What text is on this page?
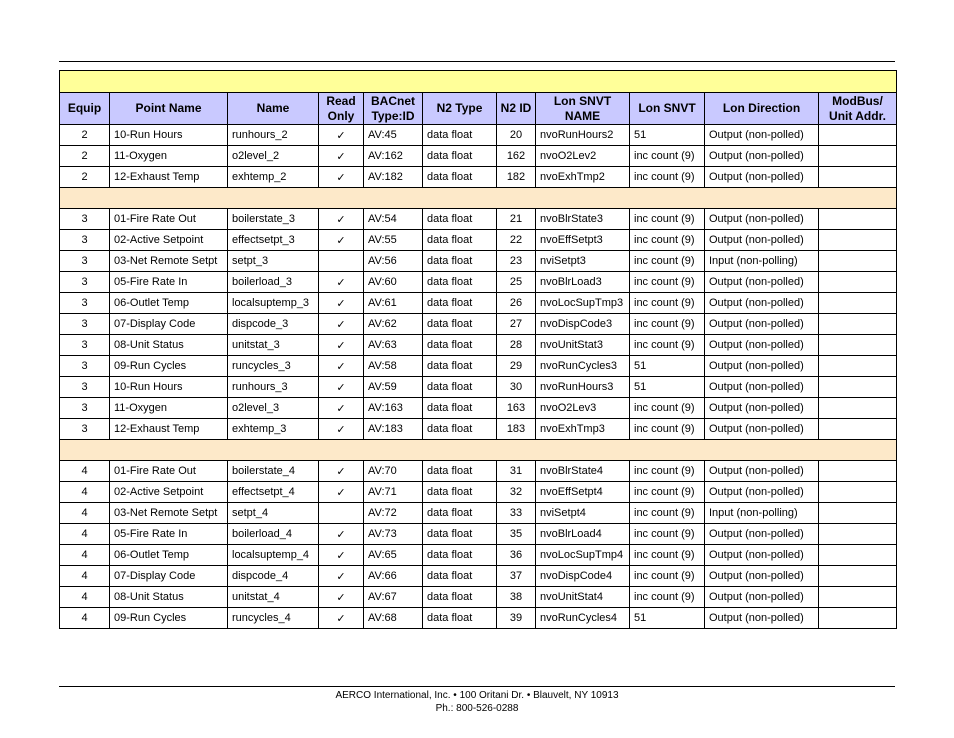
Equip	Point Name	Name	Read Only	BACnet Type:ID	N2 Type	N2 ID	Lon SNVT NAME	Lon SNVT	Lon Direction	ModBus/ Unit Addr.
2	10-Run Hours	runhours_2	✓	AV:45	data float	20	nvoRunHours2	51	Output (non-polled)	
2	11-Oxygen	o2level_2	✓	AV:162	data float	162	nvoO2Lev2	inc count (9)	Output (non-polled)	
2	12-Exhaust Temp	exhtemp_2	✓	AV:182	data float	182	nvoExhTmp2	inc count (9)	Output (non-polled)	

3	01-Fire Rate Out	boilerstate_3	✓	AV:54	data float	21	nvoBlrState3	inc count (9)	Output (non-polled)	
3	02-Active Setpoint	effectsetpt_3	✓	AV:55	data float	22	nvoEffSetpt3	inc count (9)	Output (non-polled)	
3	03-Net Remote Setpt	setpt_3		AV:56	data float	23	nviSetpt3	inc count (9)	Input (non-polling)	
3	05-Fire Rate In	boilerload_3	✓	AV:60	data float	25	nvoBlrLoad3	inc count (9)	Output (non-polled)	
3	06-Outlet Temp	localsuptemp_3	✓	AV:61	data float	26	nvoLocSupTmp3	inc count (9)	Output (non-polled)	
3	07-Display Code	dispcode_3	✓	AV:62	data float	27	nvoDispCode3	inc count (9)	Output (non-polled)	
3	08-Unit Status	unitstat_3	✓	AV:63	data float	28	nvoUnitStat3	inc count (9)	Output (non-polled)	
3	09-Run Cycles	runcycles_3	✓	AV:58	data float	29	nvoRunCycles3	51	Output (non-polled)	
3	10-Run Hours	runhours_3	✓	AV:59	data float	30	nvoRunHours3	51	Output (non-polled)	
3	11-Oxygen	o2level_3	✓	AV:163	data float	163	nvoO2Lev3	inc count (9)	Output (non-polled)	
3	12-Exhaust Temp	exhtemp_3	✓	AV:183	data float	183	nvoExhTmp3	inc count (9)	Output (non-polled)	

4	01-Fire Rate Out	boilerstate_4	✓	AV:70	data float	31	nvoBlrState4	inc count (9)	Output (non-polled)	
4	02-Active Setpoint	effectsetpt_4	✓	AV:71	data float	32	nvoEffSetpt4	inc count (9)	Output (non-polled)	
4	03-Net Remote Setpt	setpt_4		AV:72	data float	33	nviSetpt4	inc count (9)	Input (non-polling)	
4	05-Fire Rate In	boilerload_4	✓	AV:73	data float	35	nvoBlrLoad4	inc count (9)	Output (non-polled)	
4	06-Outlet Temp	localsuptemp_4	✓	AV:65	data float	36	nvoLocSupTmp4	inc count (9)	Output (non-polled)	
4	07-Display Code	dispcode_4	✓	AV:66	data float	37	nvoDispCode4	inc count (9)	Output (non-polled)	
4	08-Unit Status	unitstat_4	✓	AV:67	data float	38	nvoUnitStat4	inc count (9)	Output (non-polled)	
4	09-Run Cycles	runcycles_4	✓	AV:68	data float	39	nvoRunCycles4	51	Output (non-polled)	
AERCO International, Inc. • 100 Oritani Dr. • Blauvelt, NY 10913
Ph.: 800-526-0288
